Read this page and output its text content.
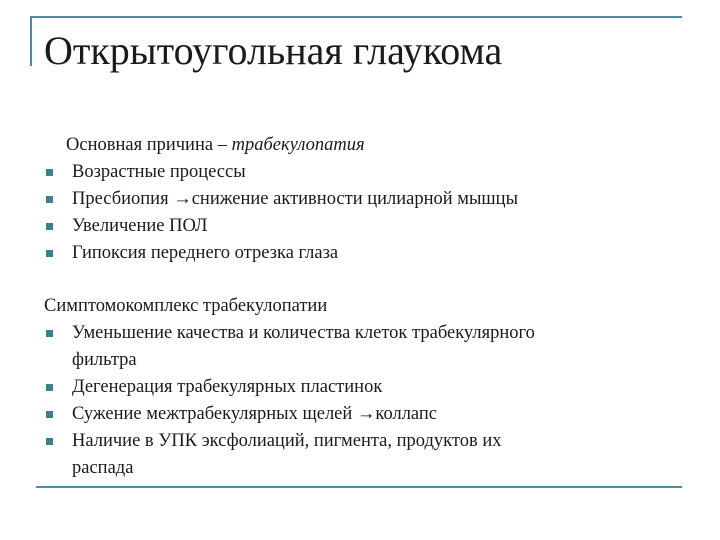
Открытоугольная глаукома
Основная причина – трабекулопатия
Возрастные процессы
Пресбиопия →снижение активности цилиарной мышцы
Увеличение ПОЛ
Гипоксия переднего отрезка глаза
Симптомокомплекс трабекулопатии
Уменьшение качества и количества клеток трабекулярного
фильтра
Дегенерация трабекулярных пластинок
Сужение межтрабекулярных щелей →коллапс
Наличие в УПК эксфолиаций, пигмента, продуктов их
распада
